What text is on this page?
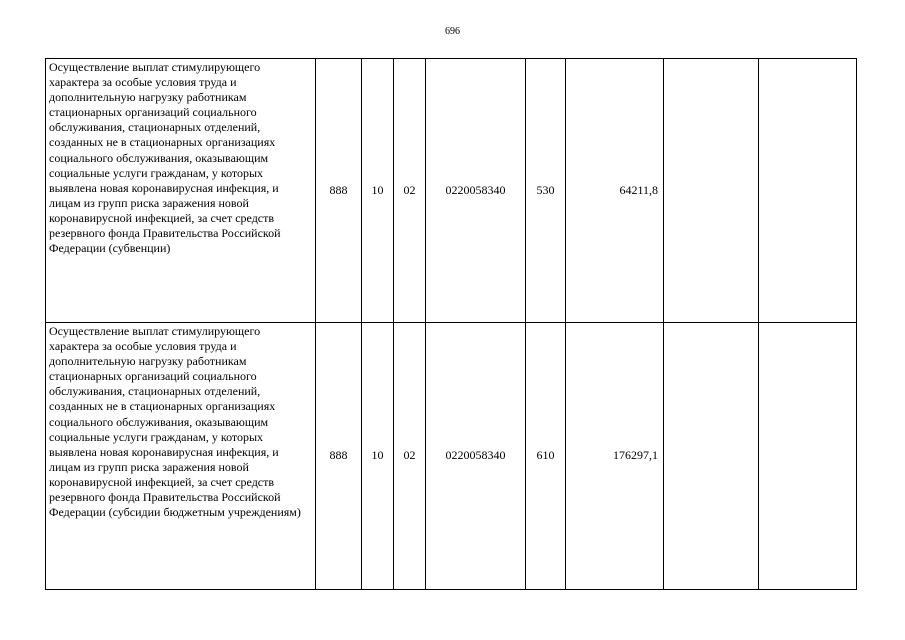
696
Осуществление выплат стимулирующего характера за особые условия труда и дополнительную нагрузку работникам стационарных организаций социального обслуживания, стационарных отделений, созданных не в стационарных организациях социального обслуживания, оказывающим социальные услуги гражданам, у которых выявлена новая коронавирусная инфекция, и лицам из групп риска заражения новой коронавирусной инфекцией, за счет средств резервного фонда Правительства Российской Федерации (субвенции)	888	10	02	0220058340	530	64211,8		
Осуществление выплат стимулирующего характера за особые условия труда и дополнительную нагрузку работникам стационарных организаций социального обслуживания, стационарных отделений, созданных не в стационарных организациях социального обслуживания, оказывающим социальные услуги гражданам, у которых выявлена новая коронавирусная инфекция, и лицам из групп риска заражения новой коронавирусной инфекцией, за счет средств резервного фонда Правительства Российской Федерации (субсидии бюджетным учреждениям)	888	10	02	0220058340	610	176297,1		
